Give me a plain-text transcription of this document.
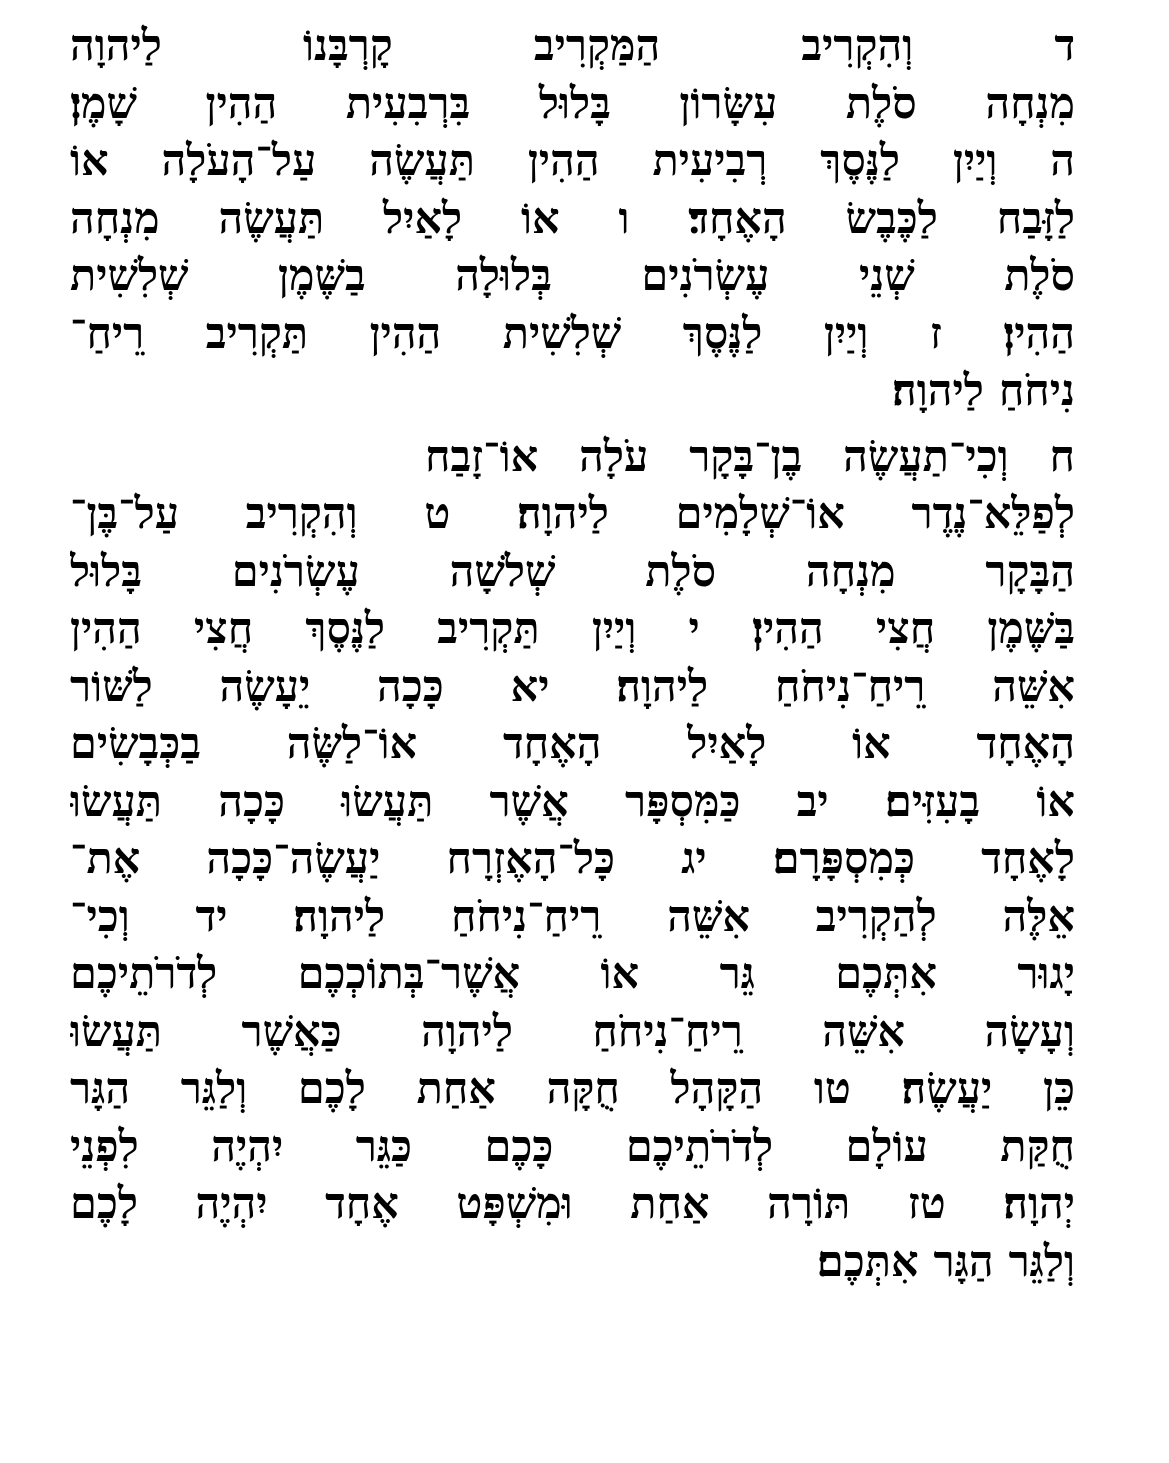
ד וְהִקְרִיב הַמַּקְרִיב קָרְבָּנוֹ לַיהוָה
מִנְחָה סֹלֶת עִשָּׂרוֹן בָּלוּל בִּרְבִעִית הַהִין שָׁמֶן׃
ה וְיַיִן לַנֶּסֶךְ רְבִיעִית הַהִין תַּעֲשֶׂה עַל־הָעֹלָה אוֹ
לַזָּבַח לַכֶּבֶשׂ הָאֶחָד׃ ו אוֹ לָאַיִל תַּעֲשֶׂה מִנְחָה
סֹלֶת שְׁנֵי עֶשְׂרֹנִים בְּלוּלָה בַשֶּׁמֶן שְׁלִשִׁית
הַהִין׃ ז וְיַיִן לַנֶּסֶךְ שְׁלִשִׁית הַהִין תַּקְרִיב רֵיחַ־
נִיחֹחַ לַיהוָה׃
ח וְכִי־תַעֲשֶׂה בֶן־בָּקָר עֹלָה אוֹ־זָבַח
לְפַלֵּא־נֶדֶר אוֹ־שְׁלָמִים לַיהוָה׃ ט וְהִקְרִיב עַל־בֶּן־
הַבָּקָר מִנְחָה סֹלֶת שְׁלֹשָׁה עֶשְׂרֹנִים בָּלוּל
בַּשֶּׁמֶן חֲצִי הַהִין׃ י וְיַיִן תַּקְרִיב לַנֶּסֶךְ חֲצִי הַהִין
אִשֵּׁה רֵיחַ־נִיחֹחַ לַיהוָה׃ יא כָּכָה יֵעָשֶׂה לַשּׁוֹר
הָאֶחָד אוֹ לָאַיִל הָאֶחָד אוֹ־לַשֶּׂה בַכְּבָשִׂים
אוֹ בָעִזִּים׃ יב כַּמִּסְפָּר אֲשֶׁר תַּעֲשׂוּ כָּכָה תַּעֲשׂוּ
לָאֶחָד כְּמִסְפָּרָם׃ יג כָּל־הָאֶזְרָח יַעֲשֶׂה־כָּכָה אֶת־
אֵלֶּה לְהַקְרִיב אִשֵּׁה רֵיחַ־נִיחֹחַ לַיהוָה׃ יד וְכִי־
יָגוּר אִתְּכֶם גֵּר אוֹ אֲשֶׁר־בְּתוֹכְכֶם לְדֹרֹתֵיכֶם
וְעָשָׂה אִשֵּׁה רֵיחַ־נִיחֹחַ לַיהוָה כַּאֲשֶׁר תַּעֲשׂוּ
כֵּן יַעֲשֶׂה׃ טו הַקָּהָל חֻקָּה אַחַת לָכֶם וְלַגֵּר הַגָּר
חֻקַּת עוֹלָם לְדֹרֹתֵיכֶם כָּכֶם כַּגֵּר יִהְיֶה לִפְנֵי
יְהוָה׃ טז תּוֹרָה אַחַת וּמִשְׁפָּט אֶחָד יִהְיֶה לָכֶם
וְלַגֵּר הַגָּר אִתְּכֶם׃
